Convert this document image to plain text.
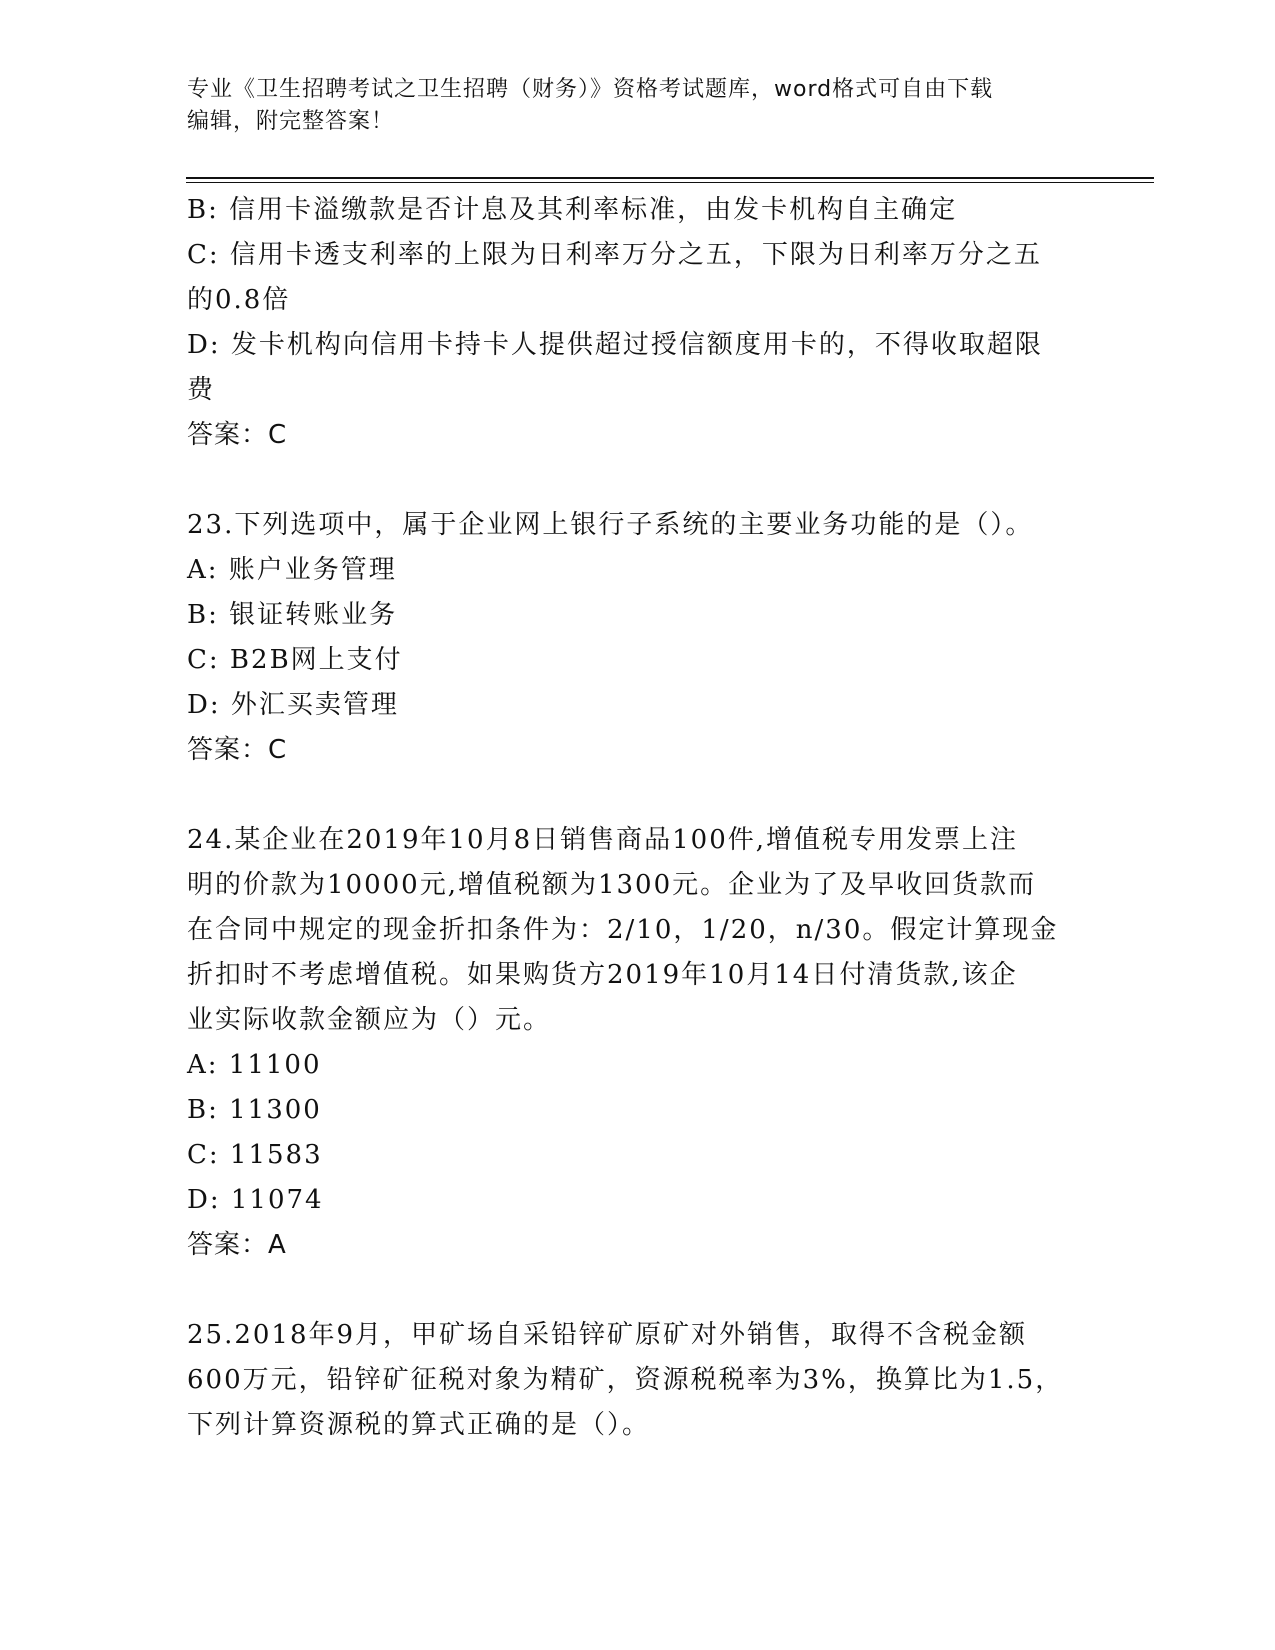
专业《卫生招聘考试之卫生招聘（财务）》资格考试题库，word格式可自由下载
编辑，附完整答案！
B: 信用卡溢缴款是否计息及其利率标准，由发卡机构自主确定
C: 信用卡透支利率的上限为日利率万分之五，下限为日利率万分之五
的0.8倍
D: 发卡机构向信用卡持卡人提供超过授信额度用卡的，不得收取超限
费
答案：C
23.下列选项中，属于企业网上银行子系统的主要业务功能的是（）。
A: 账户业务管理
B: 银证转账业务
C: B2B网上支付
D: 外汇买卖管理
答案：C
24.某企业在2019年10月8日销售商品100件,增值税专用发票上注
明的价款为10000元,增值税额为1300元。企业为了及早收回货款而
在合同中规定的现金折扣条件为：2/10，1/20，n/30。假定计算现金
折扣时不考虑增值税。如果购货方2019年10月14日付清货款,该企
业实际收款金额应为（）元。
A: 11100
B: 11300
C: 11583
D: 11074
答案：A
25.2018年9月，甲矿场自采铅锌矿原矿对外销售，取得不含税金额
600万元，铅锌矿征税对象为精矿，资源税税率为3%，换算比为1.5，
下列计算资源税的算式正确的是（）。
